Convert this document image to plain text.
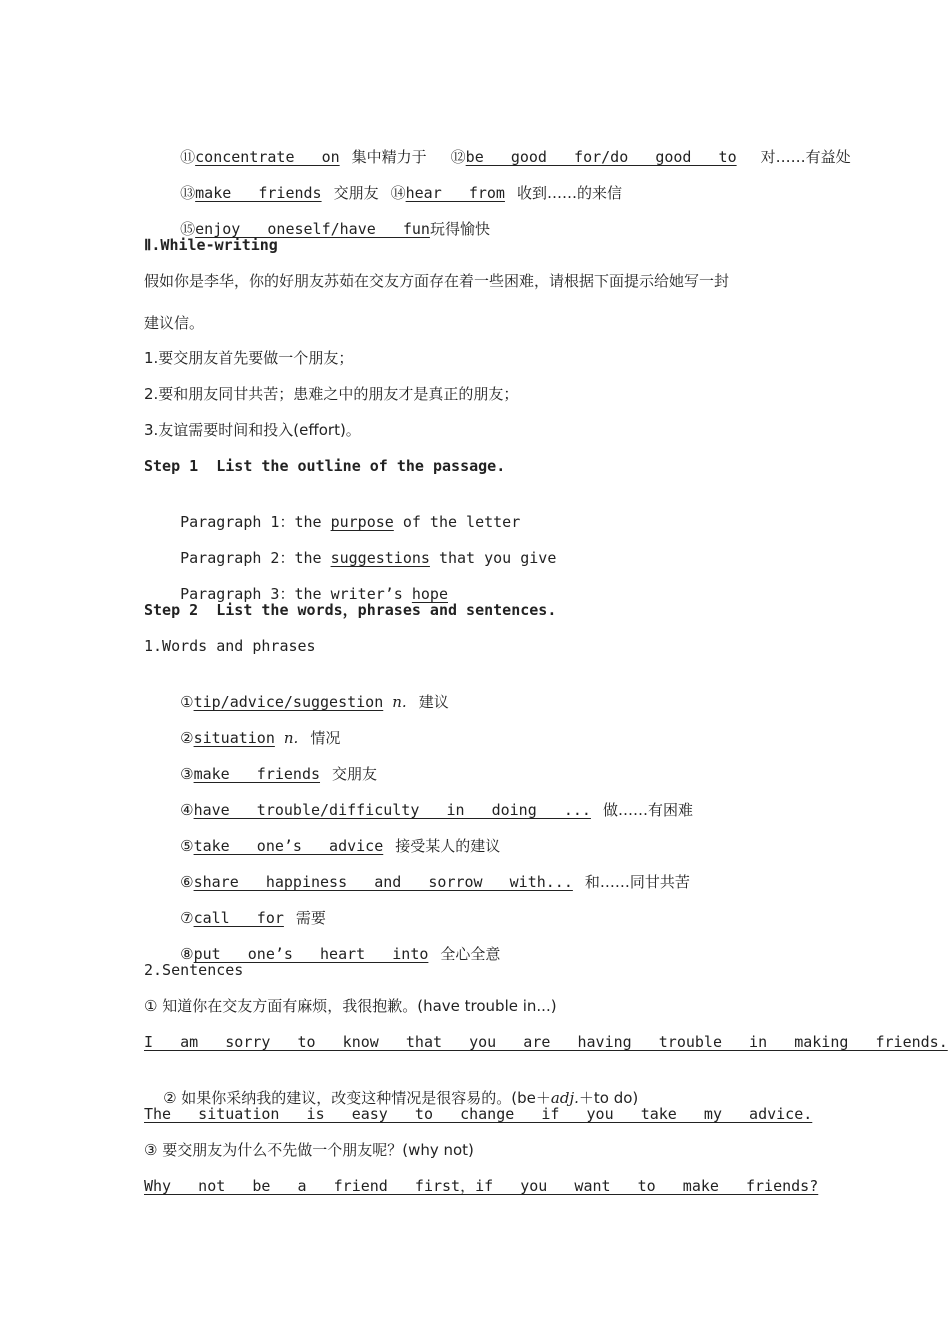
⑪concentrate   on 集中精力于 ⑫be   good   for/do   good   to 对……有益处

⑬make   friends 交朋友 ⑭hear   from 收到……的来信

⑮enjoy   oneself/have   fun玩得愉快

Ⅱ.While-writing
假如你是李华，你的好朋友苏茹在交友方面存在着一些困难，请根据下面提示给她写一封
建议信。
1.要交朋友首先要做一个朋友；
2.要和朋友同甘共苦；患难之中的朋友才是真正的朋友；
3.友谊需要时间和投入(effort)。
Step 1  List the outline of the passage.

Paragraph 1：the purpose of the letter

Paragraph 2：the suggestions that you give

Paragraph 3：the writer’s hope

Step 2  List the words，phrases and sentences.
1.Words and phrases

①tip/advice/suggestion n. 建议

②situation n. 情况

③make   friends 交朋友

④have   trouble/difficulty   in   doing   ... 做……有困难

⑤take   one’s   advice 接受某人的建议

⑥share   happiness   and   sorrow   with... 和……同甘共苦

⑦call   for 需要

⑧put   one’s   heart   into 全心全意

2.Sentences
① 知道你在交友方面有麻烦，我很抱歉。(have trouble in...)
I   am   sorry   to   know   that   you   are   having   trouble   in   making   friends.

② 如果你采纳我的建议，改变这种情况是很容易的。(be＋adj.＋to do)

The   situation   is   easy   to   change   if   you   take   my   advice.
③ 要交朋友为什么不先做一个朋友呢？(why not)
Why   not   be   a   friend   first，if   you   want   to   make   friends?
